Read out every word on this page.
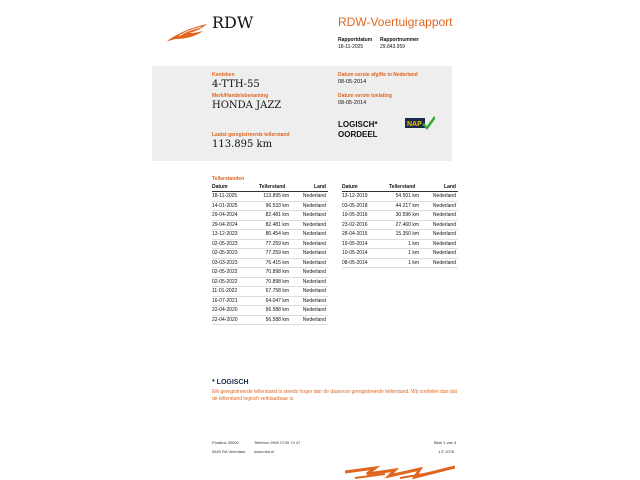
RDW	RDW-Voertuigrapport
Rapportdatum
18-11-2025
Rapportnummer
29.843.959
Kenteken
4-TTH-55
Merk/Handelsbenaming
HONDA JAZZ
Laatst geregistreerde tellerstand
113.895 km
Datum eerste afgifte in Nederland
08-05-2014
Datum eerste toelating
08-05-2014
LOGISCH*
OORDEEL
NAP
Tellerstanden
Datum	Tellerstand	Land
18-11-2025	113.895 km	Nederland
14-01-2025	96.533 km	Nederland
29-04-2024	82.481 km	Nederland
29-04-2024	82.481 km	Nederland
13-12-2023	80.454 km	Nederland
02-05-2023	77.259 km	Nederland
02-05-2023	77.259 km	Nederland
03-03-2023	76.415 km	Nederland
02-05-2022	70.898 km	Nederland
02-05-2022	70.898 km	Nederland
11-01-2022	67.758 km	Nederland
16-07-2021	64.047 km	Nederland
22-04-2020	56.588 km	Nederland
22-04-2020	56.588 km	Nederland
Datum	Tellerstand	Land
13-12-2019	54.501 km	Nederland
03-05-2018	44.217 km	Nederland
19-05-2016	30.596 km	Nederland
23-02-2016	27.460 km	Nederland
28-04-2015	15.350 km	Nederland
19-05-2014	1 km	Nederland
10-05-2014	1 km	Nederland
08-05-2014	1 km	Nederland
* LOGISCH
Elk geregistreerde tellerstand is steeds hoger dan de daarvoor geregistreerde tellerstand. Wij oordelen dan dat de tellerstand logisch verklaarbaar is.
Postbus 30000
9640 RA Veendam
Telefoon 0900 0739 74 47
www.rdw.nl
Blad 1 van 3
1 E 1078
